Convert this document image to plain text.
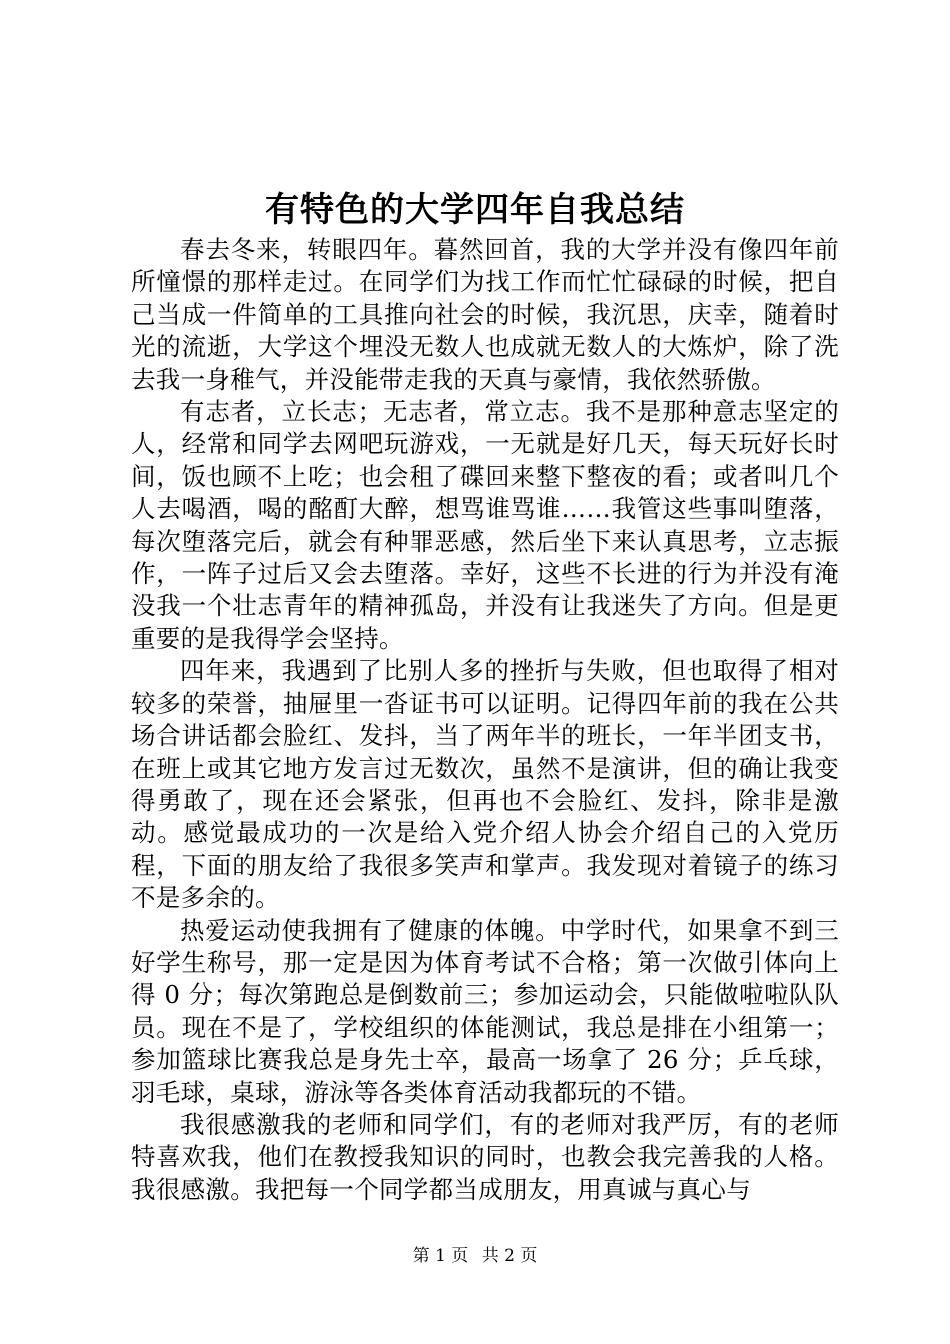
有特色的大学四年自我总结

春去冬来，转眼四年。暮然回首，我的大学并没有像四年前所憧憬的那样走过。在同学们为找工作而忙忙碌碌的时候，把自己当成一件简单的工具推向社会的时候，我沉思，庆幸，随着时光的流逝，大学这个埋没无数人也成就无数人的大炼炉，除了洗去我一身稚气，并没能带走我的天真与豪情，我依然骄傲。

有志者，立长志；无志者，常立志。我不是那种意志坚定的人，经常和同学去网吧玩游戏，一无就是好几天，每天玩好长时间，饭也顾不上吃；也会租了碟回来整下整夜的看；或者叫几个人去喝酒，喝的酩酊大醉，想骂谁骂谁……我管这些事叫堕落，每次堕落完后，就会有种罪恶感，然后坐下来认真思考，立志振作，一阵子过后又会去堕落。幸好，这些不长进的行为并没有淹没我一个壮志青年的精神孤岛，并没有让我迷失了方向。但是更重要的是我得学会坚持。

四年来，我遇到了比别人多的挫折与失败，但也取得了相对较多的荣誉，抽屉里一沓证书可以证明。记得四年前的我在公共场合讲话都会脸红、发抖，当了两年半的班长，一年半团支书，在班上或其它地方发言过无数次，虽然不是演讲，但的确让我变得勇敢了，现在还会紧张，但再也不会脸红、发抖，除非是激动。感觉最成功的一次是给入党介绍人协会介绍自己的入党历程，下面的朋友给了我很多笑声和掌声。我发现对着镜子的练习不是多余的。

热爱运动使我拥有了健康的体魄。中学时代，如果拿不到三好学生称号，那一定是因为体育考试不合格；第一次做引体向上得 0 分；每次第跑总是倒数前三；参加运动会，只能做啦啦队队员。现在不是了，学校组织的体能测试，我总是排在小组第一；参加篮球比赛我总是身先士卒，最高一场拿了 26 分；乒乓球，羽毛球，桌球，游泳等各类体育活动我都玩的不错。

我很感激我的老师和同学们，有的老师对我严厉，有的老师特喜欢我，他们在教授我知识的同时，也教会我完善我的人格。我很感激。我把每一个同学都当成朋友，用真诚与真心与

第 1 页 共 2 页
